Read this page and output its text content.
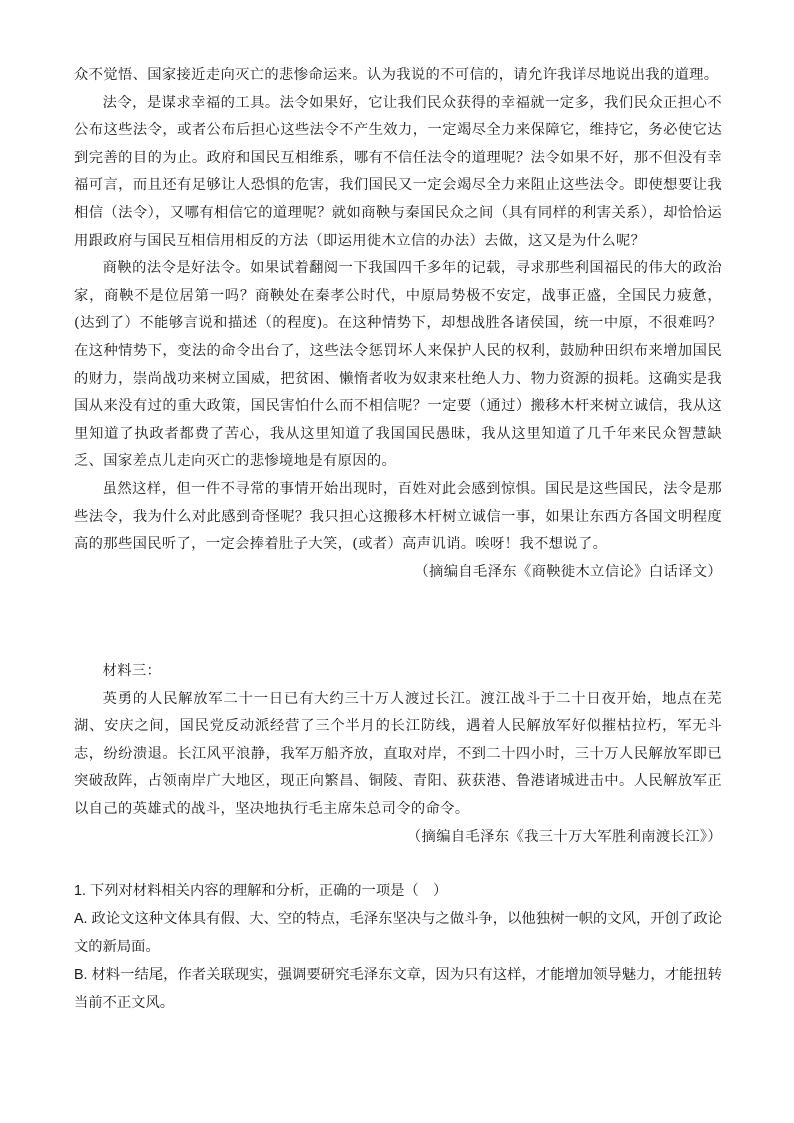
众不觉悟、国家接近走向灭亡的悲惨命运来。认为我说的不可信的，请允许我详尽地说出我的道理。

法令，是谋求幸福的工具。法令如果好，它让我们民众获得的幸福就一定多，我们民众正担心不公布这些法令，或者公布后担心这些法令不产生效力，一定竭尽全力来保障它，维持它，务必使它达到完善的目的为止。政府和国民互相维系，哪有不信任法令的道理呢？法令如果不好，那不但没有幸福可言，而且还有足够让人恐惧的危害，我们国民又一定会竭尽全力来阻止这些法令。即使想要让我相信（法令），又哪有相信它的道理呢？就如商鞅与秦国民众之间（具有同样的利害关系），却恰恰运用跟政府与国民互相信用相反的方法（即运用徙木立信的办法）去做，这又是为什么呢？

商鞅的法令是好法令。如果试着翻阅一下我国四千多年的记载，寻求那些利国福民的伟大的政治家，商鞅不是位居第一吗？商鞅处在秦孝公时代，中原局势极不安定，战事正盛，全国民力疲惫，(达到了）不能够言说和描述（的程度)。在这种情势下，却想战胜各诸侯国，统一中原，不很难吗？在这种情势下，变法的命令出台了，这些法令惩罚坏人来保护人民的权利，鼓励种田织布来增加国民的财力，崇尚战功来树立国威，把贫困、懒惰者收为奴隶来杜绝人力、物力资源的损耗。这确实是我国从来没有过的重大政策，国民害怕什么而不相信呢？一定要（通过）搬移木杆来树立诚信，我从这里知道了执政者都费了苦心，我从这里知道了我国国民愚昧，我从这里知道了几千年来民众智慧缺乏、国家差点儿走向灭亡的悲惨境地是有原因的。

虽然这样，但一件不寻常的事情开始出现时，百姓对此会感到惊惧。国民是这些国民，法令是那些法令，我为什么对此感到奇怪呢？我只担心这搬移木杆树立诚信一事，如果让东西方各国文明程度高的那些国民听了，一定会捧着肚子大笑，(或者）高声讥诮。唉呀！我不想说了。

（摘编自毛泽东《商鞅徙木立信论》白话译文）

材料三：

英勇的人民解放军二十一日已有大约三十万人渡过长江。渡江战斗于二十日夜开始，地点在芜湖、安庆之间，国民党反动派经营了三个半月的长江防线，遇着人民解放军好似摧枯拉朽，军无斗志，纷纷溃退。长江风平浪静，我军万船齐放，直取对岸，不到二十四小时，三十万人民解放军即已突破敌阵，占领南岸广大地区，现正向繁昌、铜陵、青阳、荻获港、鲁港诸城进击中。人民解放军正以自己的英雄式的战斗，坚决地执行毛主席朱总司令的命令。

（摘编自毛泽东《我三十万大军胜利南渡长江》）

1. 下列对材料相关内容的理解和分析，正确的一项是（　）

A. 政论文这种文体具有假、大、空的特点，毛泽东坚决与之做斗争，以他独树一帜的文风，开创了政论文的新局面。

B. 材料一结尾，作者关联现实，强调要研究毛泽东文章，因为只有这样，才能增加领导魅力，才能扭转当前不正文风。
